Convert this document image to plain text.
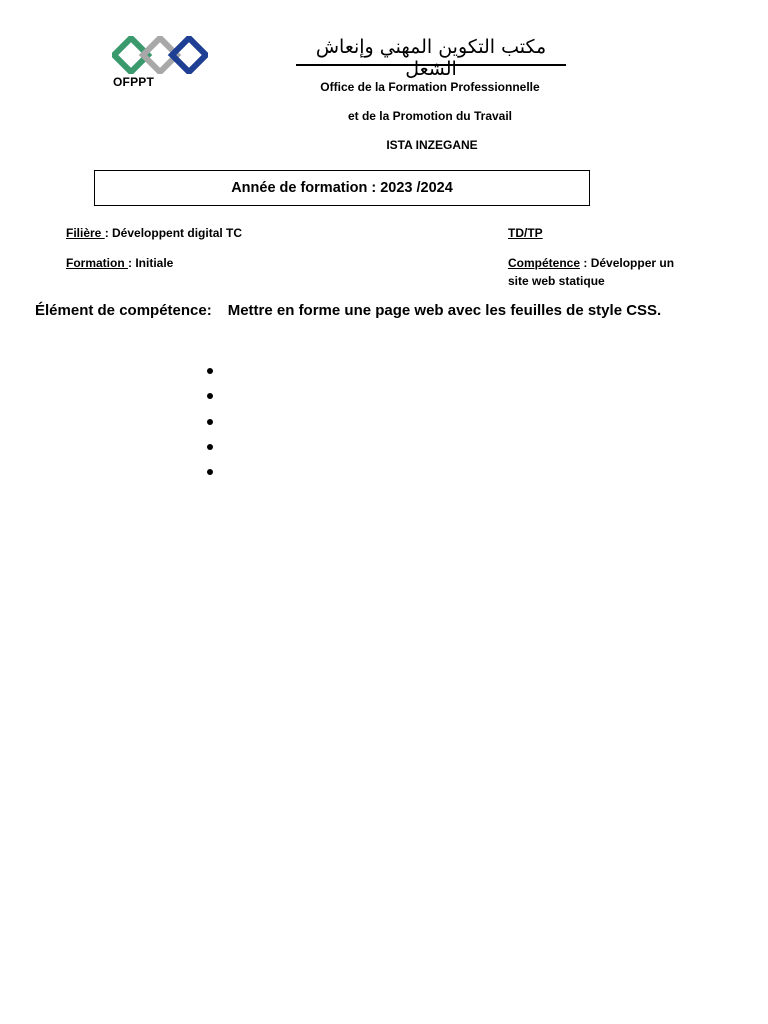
OFPPT
مكتب التكوين المهني وإنعاش الشغل
Office de la Formation Professionnelle
et de la Promotion du Travail
ISTA INZEGANE
Année de formation : 2023 /2024
Filière : Développent digital TC	TD/TP
Formation : Initiale	Compétence : Développer un
site web statique
Élément de compétence: Mettre en forme une page web avec les feuilles de style CSS.
